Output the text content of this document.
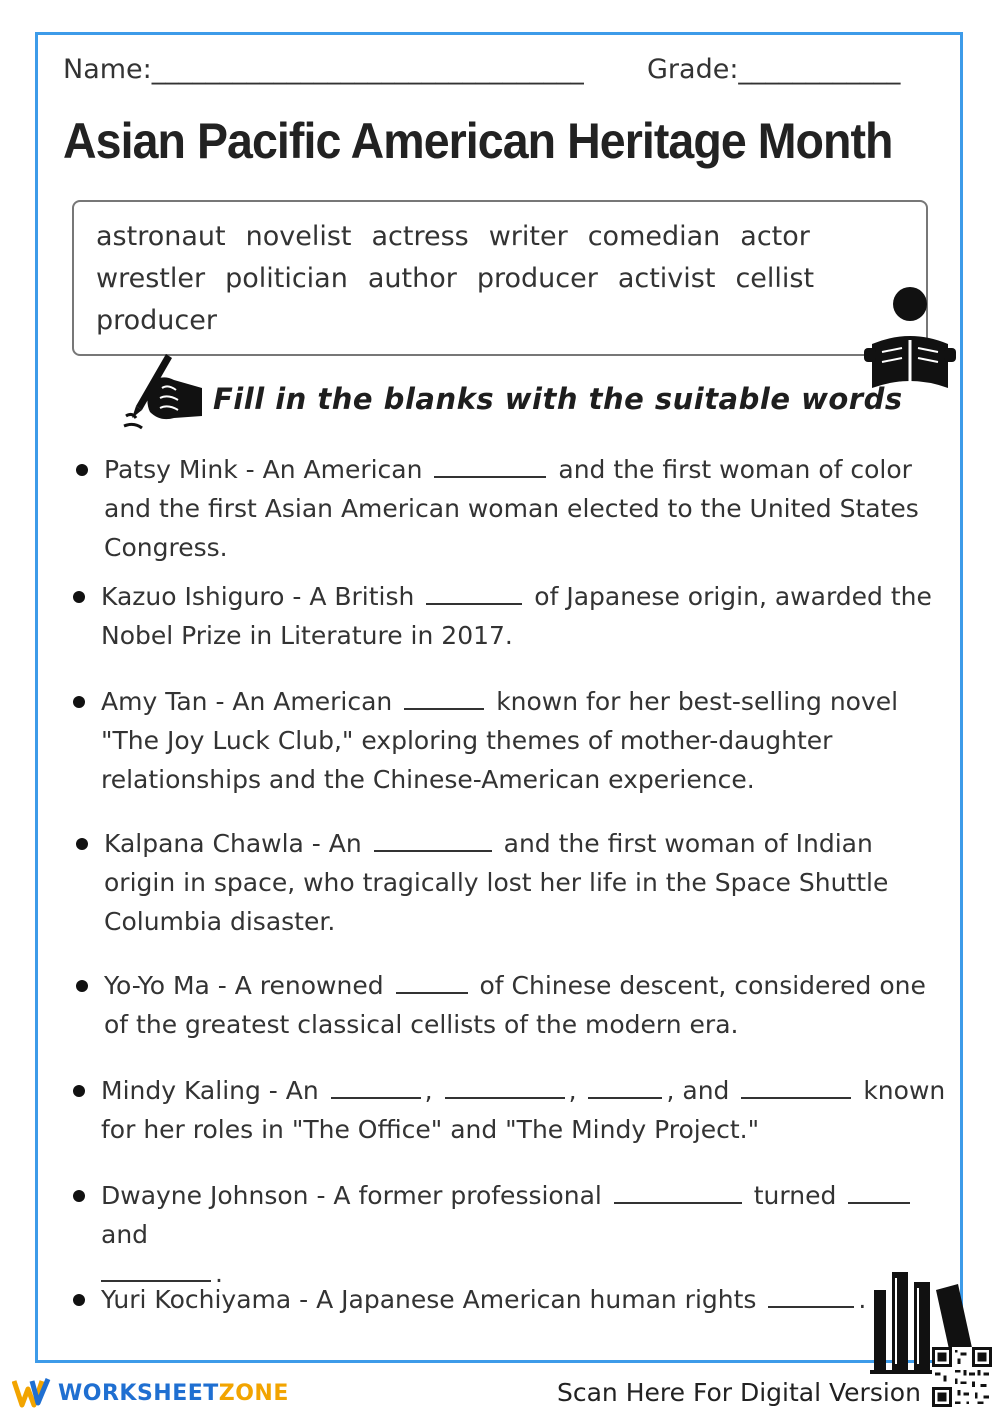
Name:________________________________ Grade:____________
Asian Pacific American Heritage Month
astronaut novelist actress writer comedian actorwrestler politician author producer activist cellistproducer
Fill in the blanks with the suitable words
Patsy Mink - An American	and the first woman of color
and the first Asian American woman elected to the United States
Congress.
Kazuo Ishiguro - A British	of Japanese origin, awarded the
Nobel Prize in Literature in 2017.
Amy Tan - An American	known for her best-selling novel
"The Joy Luck Club," exploring themes of mother-daughter
relationships and the Chinese-American experience.
Kalpana Chawla - An	and the first woman of Indian
origin in space, who tragically lost her life in the Space Shuttle
Columbia disaster.
Yo-Yo Ma - A renowned	of Chinese descent, considered one
of the greatest classical cellists of the modern era.
Mindy Kaling - An	,	,	, and	known
for her roles in "The Office" and "The Mindy Project."
Dwayne Johnson - A former professional	turned  and
.
Yuri Kochiyama - A Japanese American human rights	.
WORKSHEETZONE	Scan Here For Digital Version
